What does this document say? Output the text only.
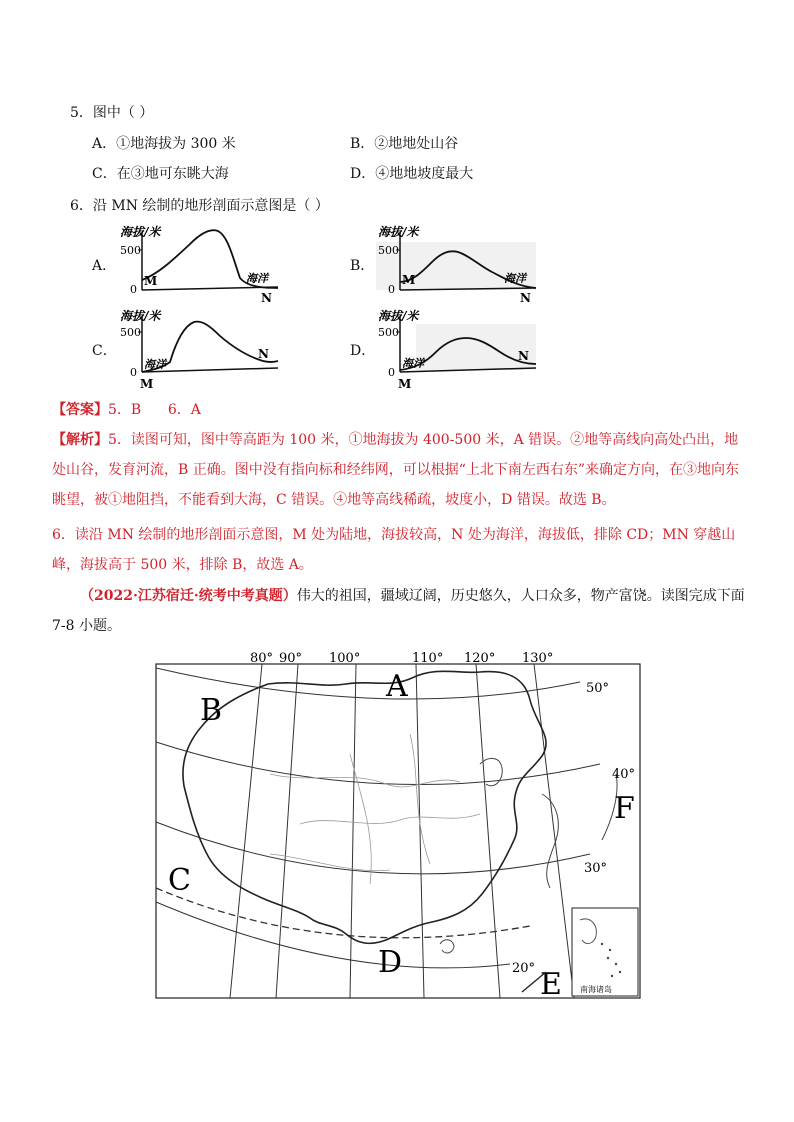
5．图中（ ）
A．①地海拔为 300 米	B．②地地处山谷
C．在③地可东眺大海	D．④地地坡度最大
6．沿 MN 绘制的地形剖面示意图是（ ）
A．
海拔/米
500
0
M	海洋
N
B．
海拔/米
500
0
M	海洋
N
C．
海拔/米
500
0
海洋
M
N	D．
海拔/米
500
0
海洋
M
N
【答案】5．B      6．A
【解析】5．读图可知，图中等高距为 100 米，①地海拔为 400-500 米，A 错误。②地等高线向高处凸出，地处山谷，发育河流，B 正确。图中没有指向标和经纬网，可以根据“上北下南左西右东”来确定方向，在③地向东眺望，被①地阻挡，不能看到大海，C 错误。④地等高线稀疏，坡度小，D 错误。故选 B。
6．读沿 MN 绘制的地形剖面示意图，M 处为陆地，海拔较高，N 处为海洋，海拔低，排除 CD；MN 穿越山峰，海拔高于 500 米，排除 B，故选 A。
（2022·江苏宿迁·统考中考真题）伟大的祖国，疆域辽阔，历史悠久，人口众多，物产富饶。读图完成下面 7-8 小题。
80° 90° 100°	110° 120° 130°
50°
40°
30°
20°
A
B
C
D
E
F
南海诸岛
